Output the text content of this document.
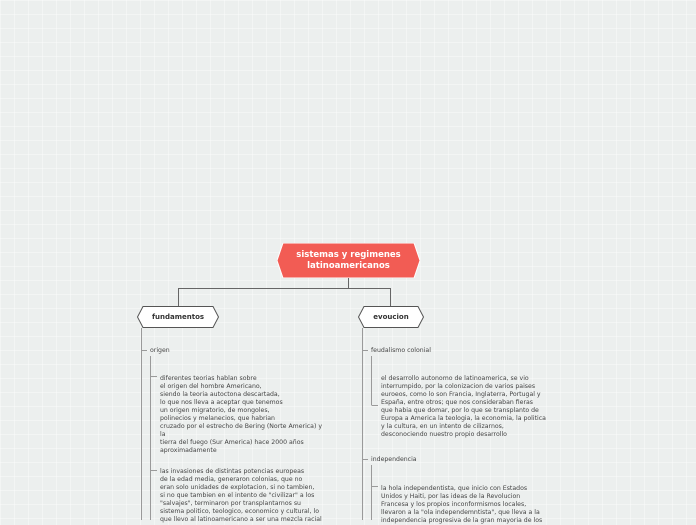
sistemas y regimenes latinoamericanos
fundamentos	evoucion
origen
diferentes teorias hablan sobre
el origen del hombre Americano,
siendo la teoria autoctona descartada,
lo que nos lleva a aceptar que tenemos
un origen migratorio, de mongoles,
polinecios y melanecios, que habrian
cruzado por el estrecho de Bering (Norte America) y
la
tierra del fuego (Sur America) hace 2000 años
aproximadamente
las invasiones de distintas potencias europeas
de la edad media, generaron colonias, que no
eran solo unidades de explotacion, si no tambien,
si no que tambien en el intento de "civilizar" a los
"salvajes", terminaron por transplantarnos su
sistema politico, teologico, economico y cultural, lo
que llevo al latinoamericano a ser una mezcla racial
feudalismo colonial
el desarrollo autonomo de latinoamerica, se vio
interrumpido, por la colonizacion de varios paises
euroeos, como lo son Francia, Inglaterra, Portugal y
España, entre otros; que nos consideraban fieras
que habia que domar, por lo que se transplanto de
Europa a America la teologia, la economia, la politica
y la cultura, en un intento de cilizarnos,
desconociendo nuestro propio desarrollo
independencia
la hola independentista, que inicio con Estados
Unidos y Haiti, por las ideas de la Revolucion
Francesa y los propios inconformismos locales,
llevaron a la "ola independemntista", que lleva a la
independencia progresiva de la gran mayoria de los
